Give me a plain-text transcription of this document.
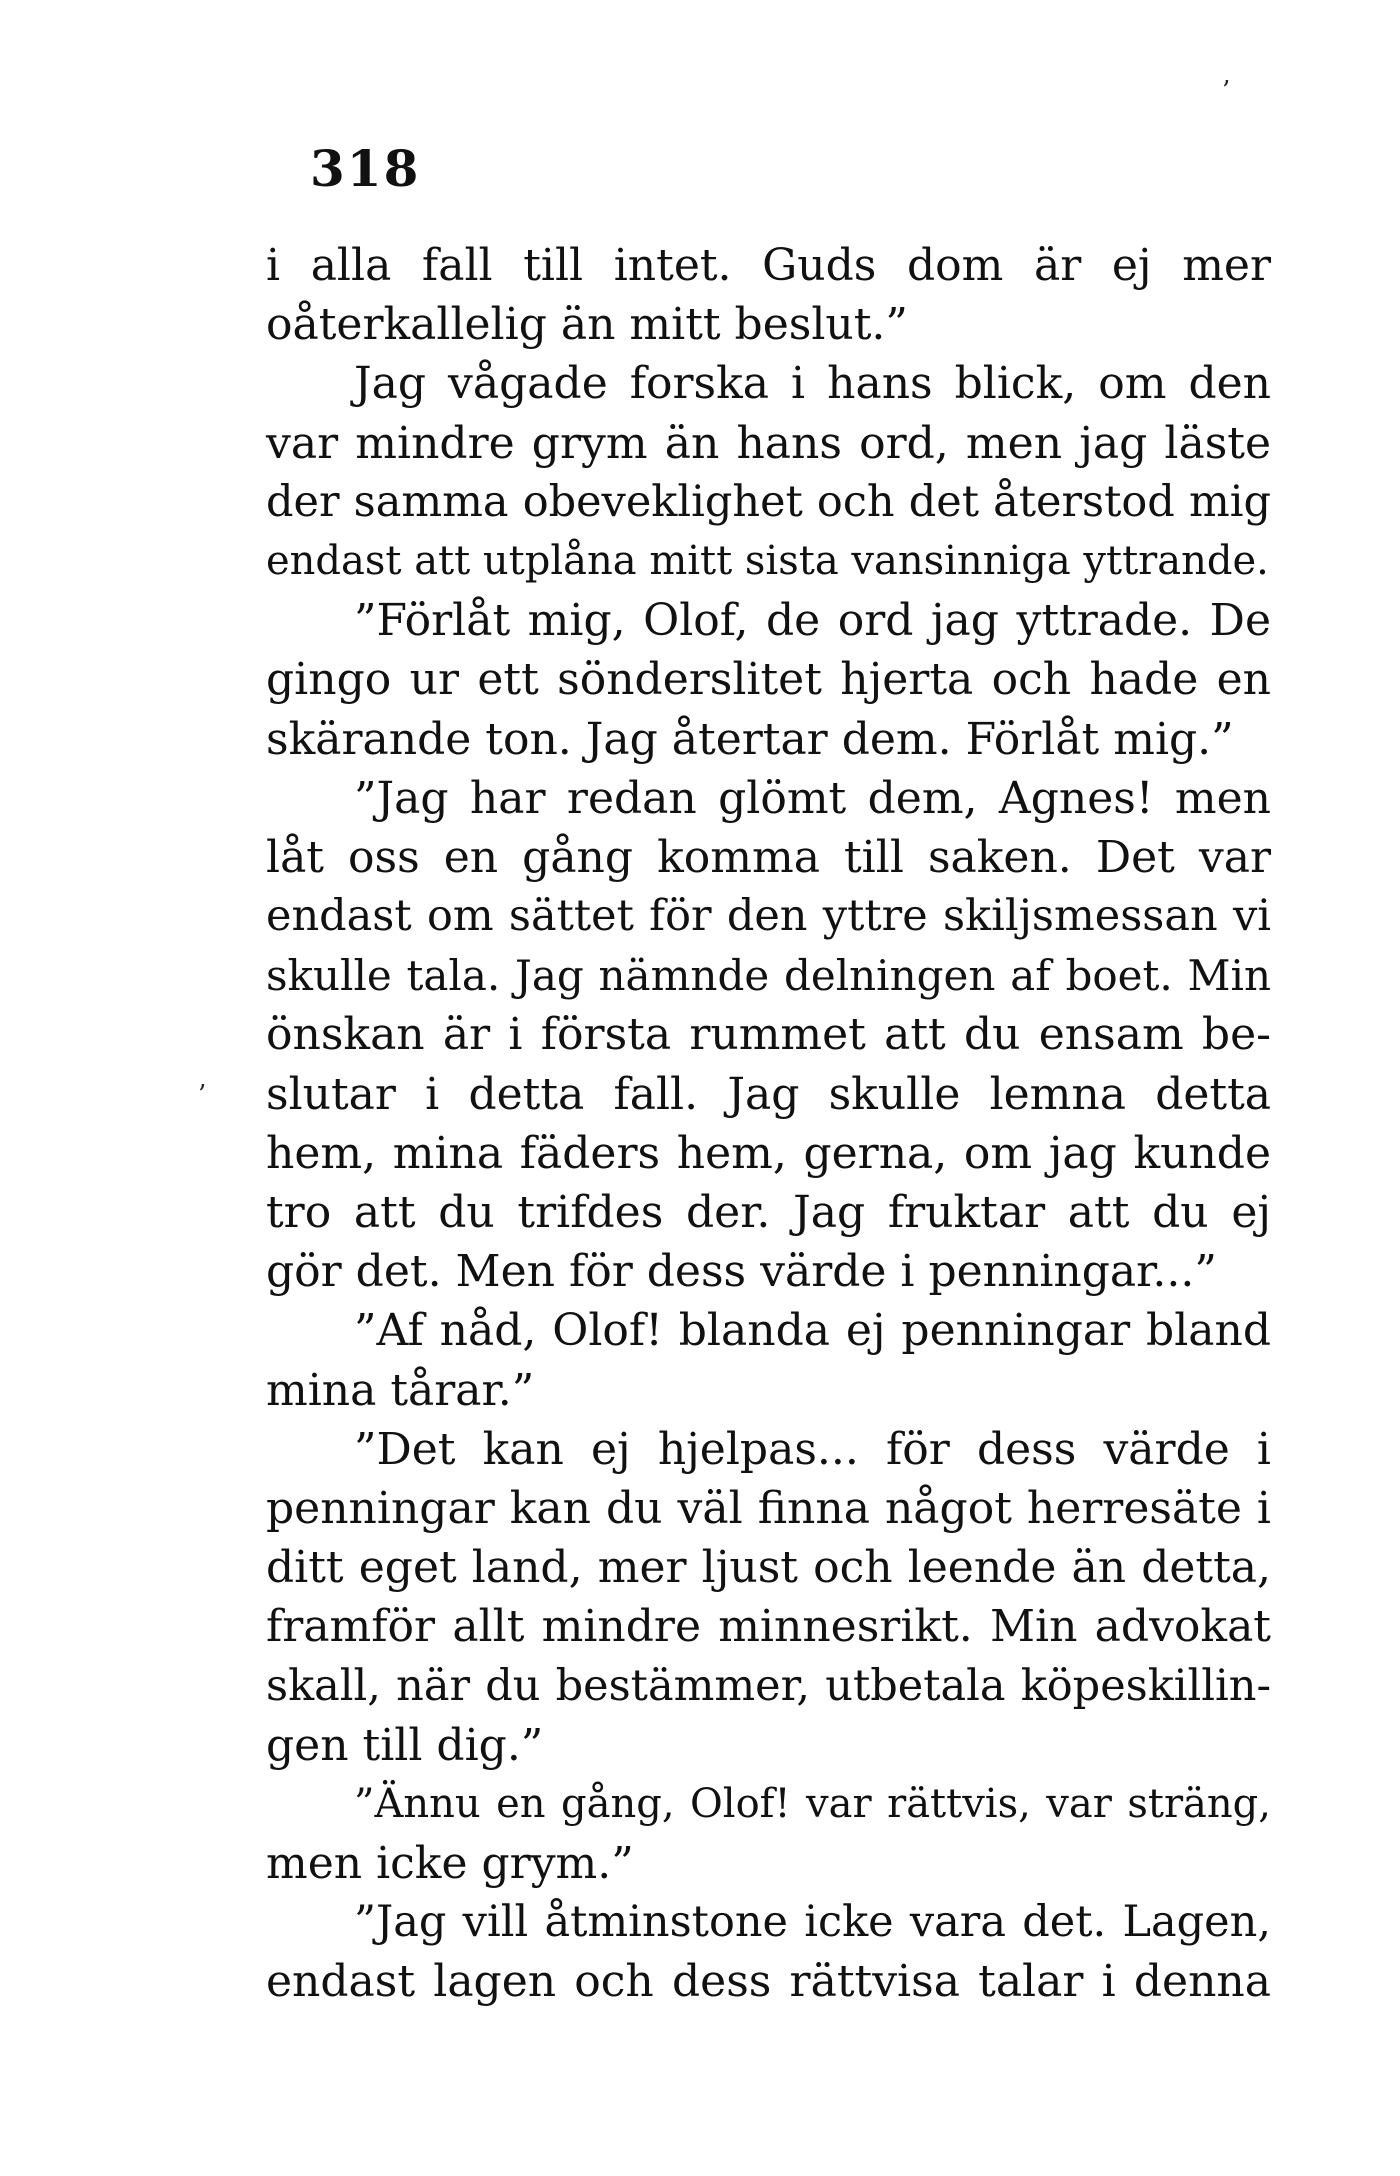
’
’
318
i alla fall till intet. Guds dom är ej mer
oåterkallelig än mitt beslut.”
Jag vågade forska i hans blick, om den
var mindre grym än hans ord, men jag läste
der samma obeveklighet och det återstod mig
endast att utplåna mitt sista vansinniga yttrande.
”Förlåt mig, Olof, de ord jag yttrade. De
gingo ur ett sönderslitet hjerta och hade en
skärande ton. Jag återtar dem. Förlåt mig.”
”Jag har redan glömt dem, Agnes! men
låt oss en gång komma till saken. Det var
endast om sättet för den yttre skiljsmessan vi
skulle tala. Jag nämnde delningen af boet. Min
önskan är i första rummet att du ensam be-
slutar i detta fall. Jag skulle lemna detta
hem, mina fäders hem, gerna, om jag kunde
tro att du trifdes der. Jag fruktar att du ej
gör det. Men för dess värde i penningar...”
”Af nåd, Olof! blanda ej penningar bland
mina tårar.”
”Det kan ej hjelpas... för dess värde i
penningar kan du väl finna något herresäte i
ditt eget land, mer ljust och leende än detta,
framför allt mindre minnesrikt. Min advokat
skall, när du bestämmer, utbetala köpeskillin-
gen till dig.”
”Ännu en gång, Olof! var rättvis, var sträng,
men icke grym.”
”Jag vill åtminstone icke vara det. Lagen,
endast lagen och dess rättvisa talar i denna
